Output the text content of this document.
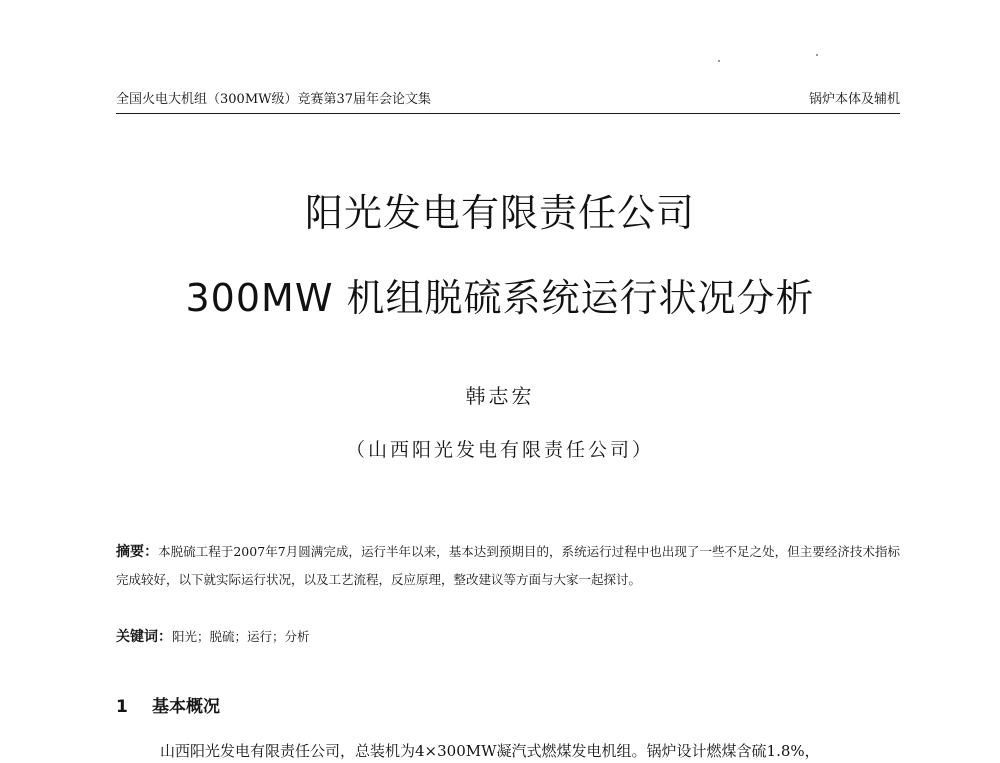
全国火电大机组（300MW级）竞赛第37届年会论文集	锅炉本体及辅机
阳光发电有限责任公司
300MW 机组脱硫系统运行状况分析
韩志宏
（山西阳光发电有限责任公司）
摘要：本脱硫工程于2007年7月圆满完成，运行半年以来，基本达到预期目的，系统运行过程中也出现了一些不足之处，但主要经济技术指标完成较好，以下就实际运行状况，以及工艺流程，反应原理，整改建议等方面与大家一起探讨。
关键词：阳光；脱硫；运行；分析
1 基本概况
山西阳光发电有限责任公司，总装机为4×300MW凝汽式燃煤发电机组。锅炉设计燃煤含硫1.8%，
